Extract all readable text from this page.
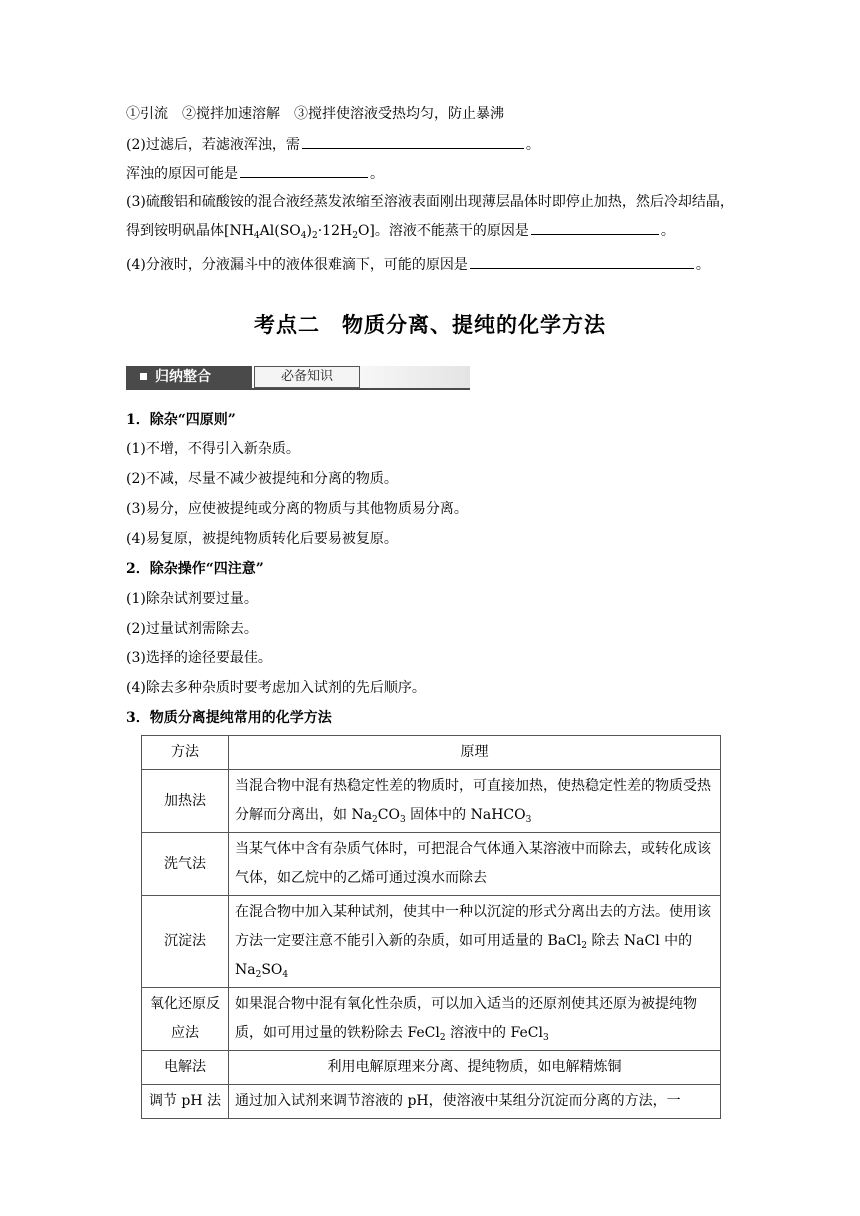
①引流　②搅拌加速溶解　③搅拌使溶液受热均匀，防止暴沸
(2)过滤后，若滤液浑浊，需	。
浑浊的原因可能是	。
(3)硫酸铝和硫酸铵的混合液经蒸发浓缩至溶液表面刚出现薄层晶体时即停止加热，然后冷却结晶，得到铵明矾晶体$[NH_4Al(SO_4)_2\cdot 12H_2O]$。溶液不能蒸干的原因是	。
(4)分液时，分液漏斗中的液体很难滴下，可能的原因是	。
考点二　物质分离、提纯的化学方法
归纳整合	必备知识
1．除杂“四原则”
(1)不增，不得引入新杂质。
(2)不减，尽量不减少被提纯和分离的物质。
(3)易分，应使被提纯或分离的物质与其他物质易分离。
(4)易复原，被提纯物质转化后要易被复原。
2．除杂操作“四注意”
(1)除杂试剂要过量。
(2)过量试剂需除去。
(3)选择的途径要最佳。
(4)除去多种杂质时要考虑加入试剂的先后顺序。
3．物质分离提纯常用的化学方法
方法	原理
加热法	当混合物中混有热稳定性差的物质时，可直接加热，使热稳定性差的物质受热分解而分离出，如 $Na_2CO_3$ 固体中的 NaHCO$_3$
洗气法	当某气体中含有杂质气体时，可把混合气体通入某溶液中而除去，或转化成该气体，如乙烷中的乙烯可通过溴水而除去
沉淀法	在混合物中加入某种试剂，使其中一种以沉淀的形式分离出去的方法。使用该方法一定要注意不能引入新的杂质，如可用适量的 BaCl$_2$ 除去 NaCl 中的 $Na_2SO_4$
氧化还原反应法	如果混合物中混有氧化性杂质，可以加入适当的还原剂使其还原为被提纯物质，如可用过量的铁粉除去 FeCl$_2$ 溶液中的 FeCl$_3$
电解法	利用电解原理来分离、提纯物质，如电解精炼铜
调节 pH 法	通过加入试剂来调节溶液的 pH，使溶液中某组分沉淀而分离的方法，一
